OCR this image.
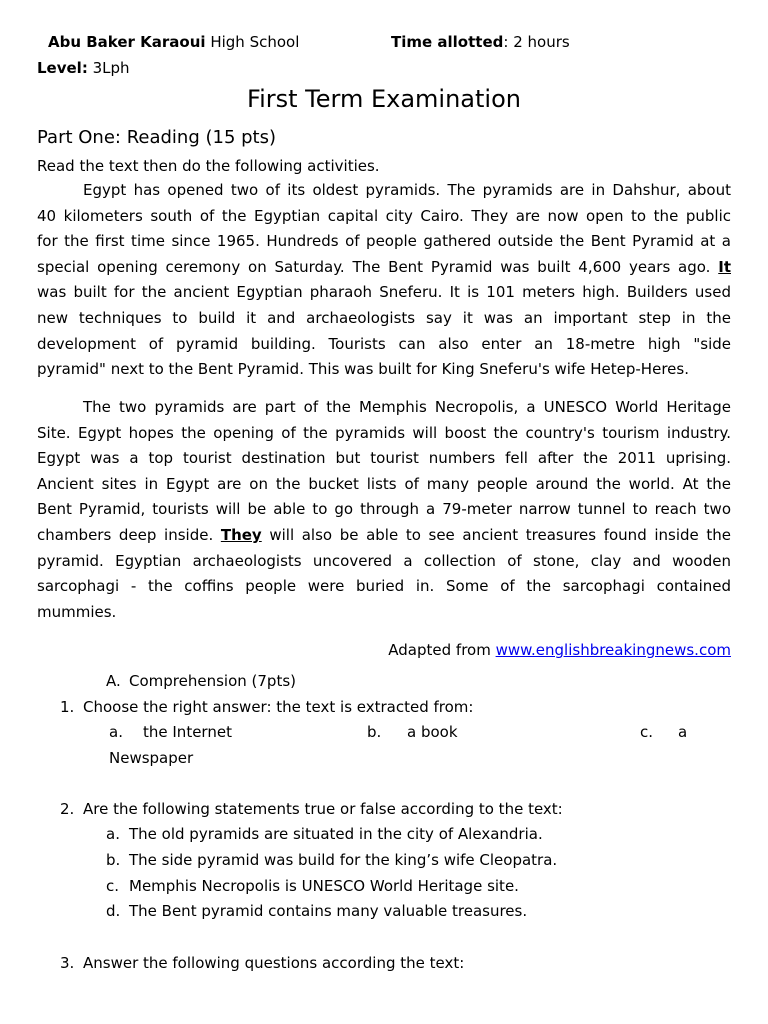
Abu Baker Karaoui High School	Time allotted: 2 hours
Level: 3Lph
First Term Examination
Part One: Reading (15 pts)
Read the text then do the following activities.
Egypt has opened two of its oldest pyramids. The pyramids are in Dahshur, about
40 kilometers south of the Egyptian capital city Cairo. They are now open to the public
for the first time since 1965. Hundreds of people gathered outside the Bent Pyramid at a
special opening ceremony on Saturday. The Bent Pyramid was built 4,600 years ago. It
was built for the ancient Egyptian pharaoh Sneferu. It is 101 meters high. Builders used
new techniques to build it and archaeologists say it was an important step in the
development of pyramid building. Tourists can also enter an 18-metre high "side
pyramid" next to the Bent Pyramid. This was built for King Sneferu's wife Hetep-Heres.
The two pyramids are part of the Memphis Necropolis, a UNESCO World Heritage
Site. Egypt hopes the opening of the pyramids will boost the country's tourism industry.
Egypt was a top tourist destination but tourist numbers fell after the 2011 uprising.
Ancient sites in Egypt are on the bucket lists of many people around the world. At the
Bent Pyramid, tourists will be able to go through a 79-meter narrow tunnel to reach two
chambers deep inside. They will also be able to see ancient treasures found inside the
pyramid. Egyptian archaeologists uncovered a collection of stone, clay and wooden
sarcophagi - the coffins people were buried in. Some of the sarcophagi contained
mummies.
Adapted from www.englishbreakingnews.com
A. Comprehension (7pts)
1. Choose the right answer: the text is extracted from:
a. the Internet	b. a book	c. a
Newspaper
2. Are the following statements true or false according to the text:
a. The old pyramids are situated in the city of Alexandria.
b. The side pyramid was build for the king’s wife Cleopatra.
c. Memphis Necropolis is UNESCO World Heritage site.
d. The Bent pyramid contains many valuable treasures.
3. Answer the following questions according the text:
